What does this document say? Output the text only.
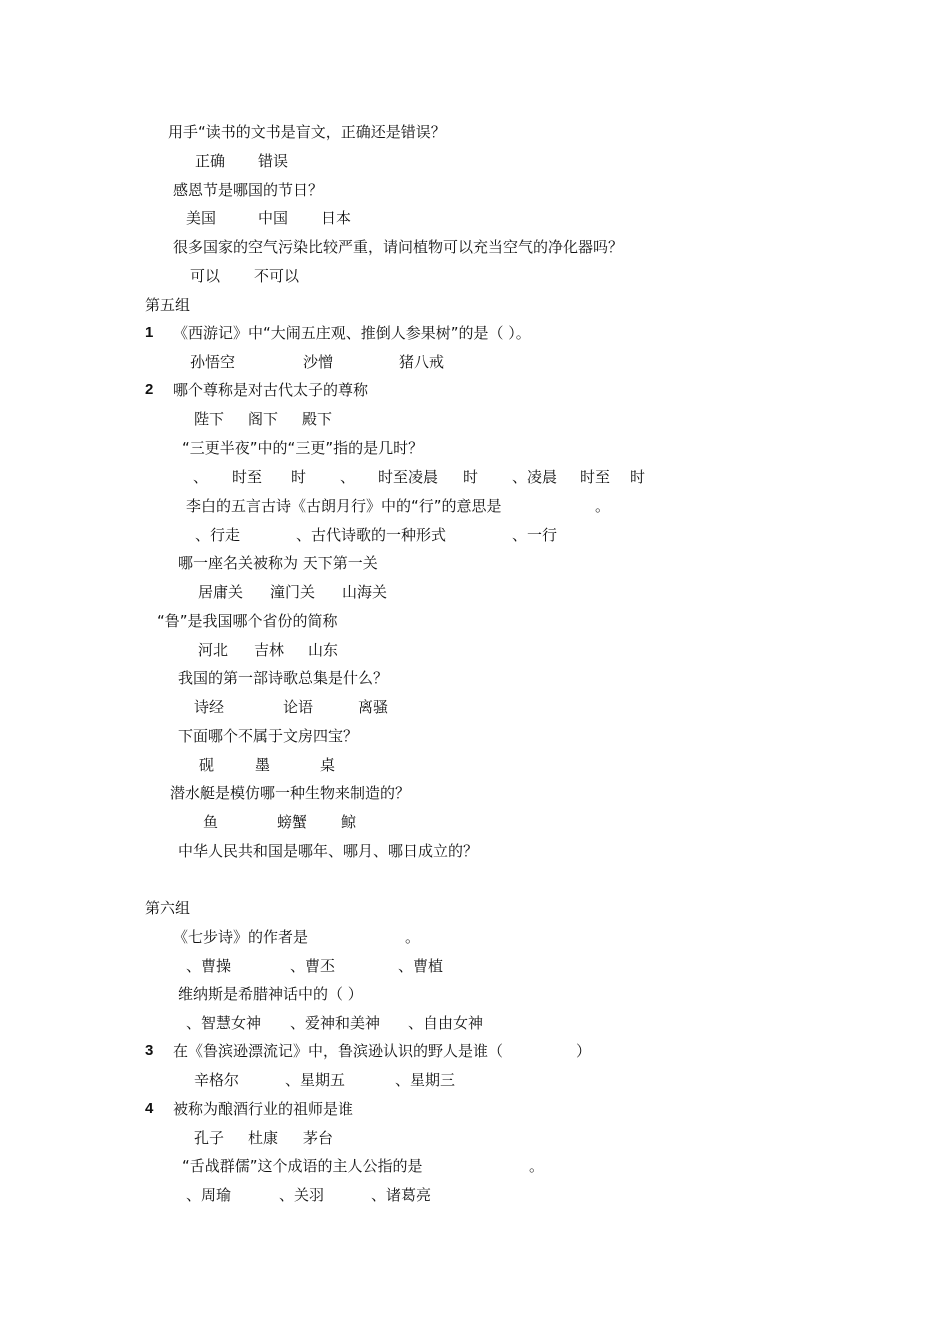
用手“读书的文书是盲文，正确还是错误？
正确 错误
感恩节是哪国的节日？
美国	中国 日本
很多国家的空气污染比较严重，请问植物可以充当空气的净化器吗？
可以 不可以
第五组
1 《西游记》中“大闹五庄观、推倒人参果树”的是（ ）。
孙悟空	沙憎	猪八戒
2 哪个尊称是对古代太子的尊称
陛下 阁下 殿下
“三更半夜”中的“三更”指的是几时？
、 时至 时 、 时至凌晨 时 、凌晨 时至 时
李白的五言古诗《古朗月行》中的“行”的意思是	。
、行走	、古代诗歌的一种形式	、一行
哪一座名关被称为 天下第一关
居庸关 潼门关 山海关
“鲁”是我国哪个省份的简称
河北 吉林 山东
我国的第一部诗歌总集是什么？
诗经	论语	离骚
下面哪个不属于文房四宝？
砚	墨	桌
潜水艇是模仿哪一种生物来制造的？
鱼	螃蟹 鲸
中华人民共和国是哪年、哪月、哪日成立的？
第六组
《七步诗》的作者是	。
、曹操	、曹丕	、曹植
维纳斯是希腊神话中的（ ）
、智慧女神 、爱神和美神 、自由女神
3 在《鲁滨逊漂流记》中，鲁滨逊认识的野人是谁（	）
辛格尔	、星期五	、星期三
4 被称为酿酒行业的祖师是谁
孔子 杜康 茅台
“舌战群儒”这个成语的主人公指的是	。
、周瑜	、关羽	、诸葛亮
